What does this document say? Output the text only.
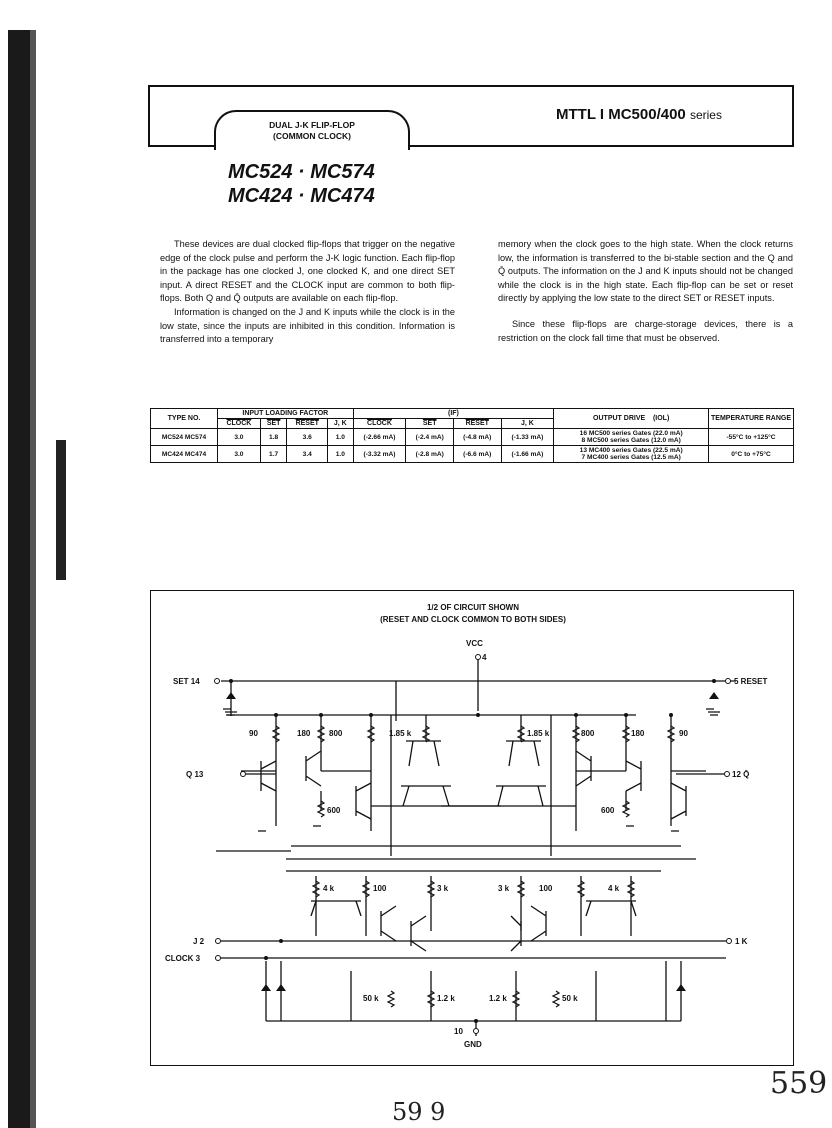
DUAL J-K FLIP-FLOP
(COMMON CLOCK)
MTTL I MC500/400 series
MC524 · MC574
MC424 · MC474

These devices are dual clocked flip-flops that trigger on the negative edge of the clock pulse and perform the J-K logic function. Each flip-flop in the package has one clocked J, one clocked K, and one direct SET input. A direct RESET and the CLOCK input are common to both flip-flops. Both Q and Q̄ outputs are available on each flip-flop.

Information is changed on the J and K inputs while the clock is in the low state, since the inputs are inhibited in this condition. Information is transferred into a temporary

memory when the clock goes to the high state. When the clock returns low, the information is transferred to the bi-stable section and the Q and Q̄ outputs. The information on the J and K inputs should not be changed while the clock is in the high state. Each flip-flop can be set or reset directly by applying the low state to the direct SET or RESET inputs.

Since these flip-flops are charge-storage devices, there is a restriction on the clock fall time that must be observed.

TYPE NO.	INPUT LOADING FACTOR				(IF)				OUTPUT DRIVE (IOL)	TEMPERATURE RANGE
	CLOCK	$\overline{SET}$	RESET	J, K	CLOCK	$\overline{SET}$	RESET	J, K		
MC524 MC574	3.0	1.8	3.6	1.0	(-2.66 mA)	(-2.4 mA)	(-4.8 mA)	(-1.33 mA)	16 MC500 series Gates (22.0 mA)
8 MC500 series Gates (12.0 mA)	-55°C to +125°C
MC424 MC474	3.0	1.7	3.4	1.0	(-3.32 mA)	(-2.8 mA)	(-6.6 mA)	(-1.66 mA)	13 MC400 series Gates (22.5 mA)
7 MC400 series Gates (12.5 mA)	0°C to +75°C
1/2 OF CIRCUIT SHOWN
(RESET AND CLOCK COMMON TO BOTH SIDES)
VCC
4
SET 14	5 RESET
Q 13	12 Q̄
J 2
CLOCK 3
1 K
10
GND
90	180 800	1.85 k	1.85 k	800	180	90
600	600
4 k	100	3 k	3 k	100	4 k
50 k	1.2 k	1.2 k	50 k
59 9
559
